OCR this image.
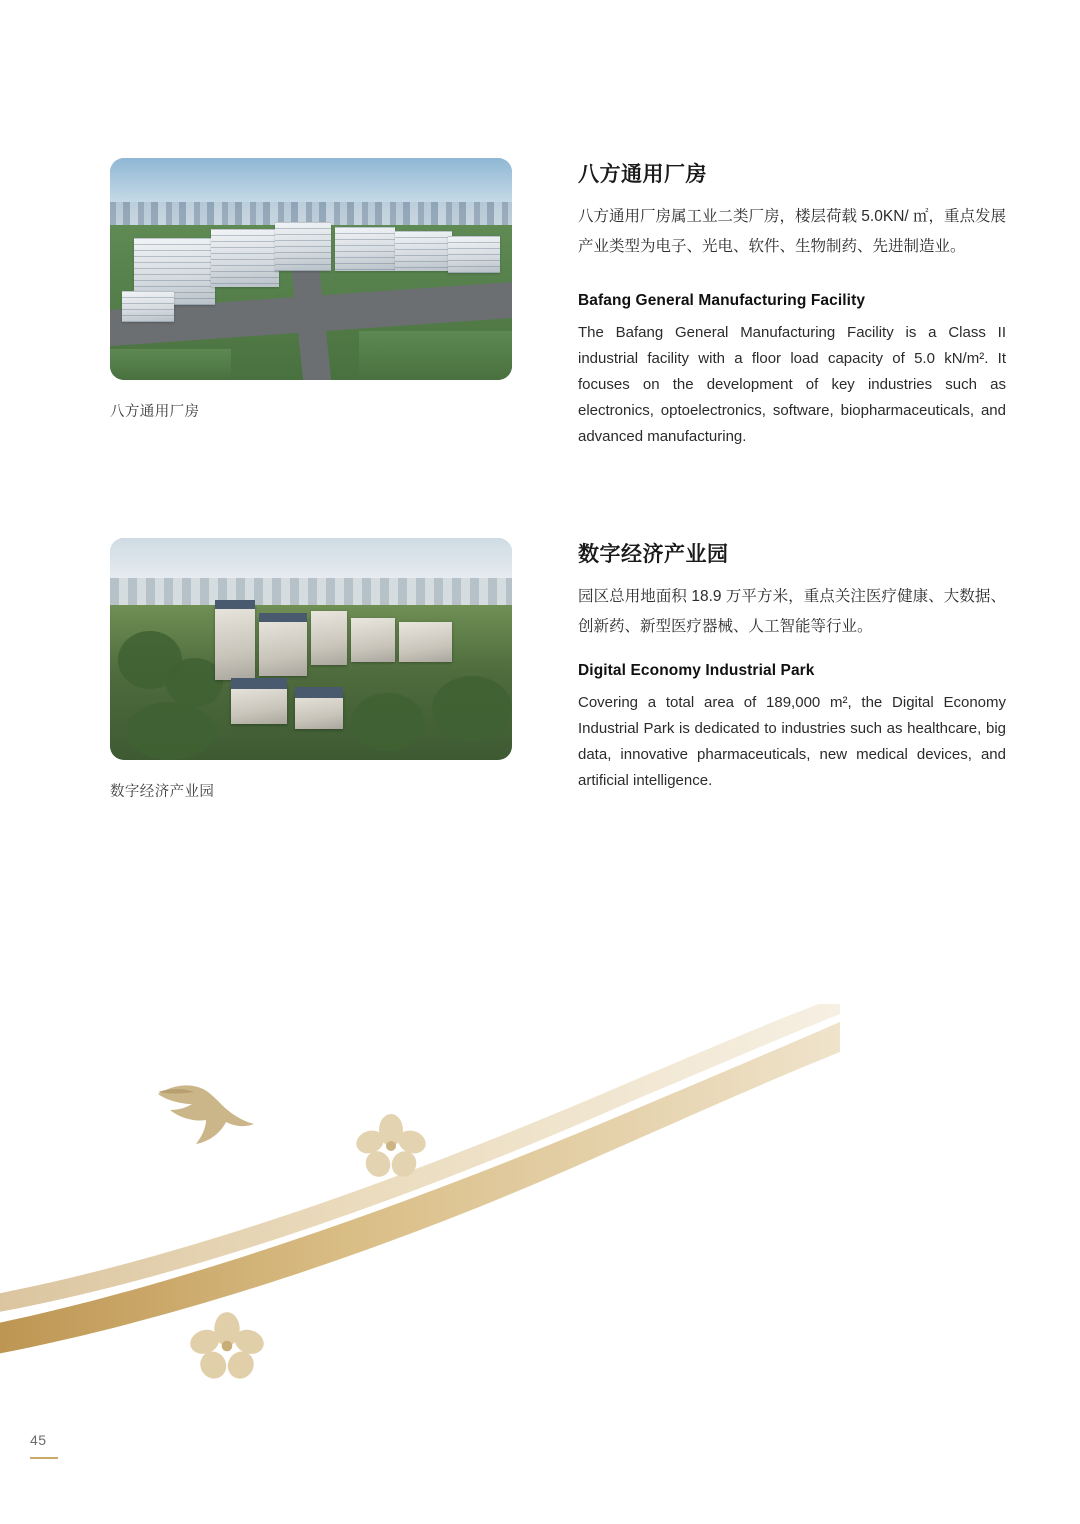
八方通用厂房
八方通用厂房

八方通用厂房属工业二类厂房，楼层荷载 5.0KN/ ㎡，重点发展产业类型为电子、光电、软件、生物制药、先进制造业。

Bafang General Manufacturing Facility

The Bafang General Manufacturing Facility is a Class II industrial facility with a floor load capacity of 5.0 kN/m². It focuses on the development of key industries such as electronics, optoelectronics, software, biopharmaceuticals, and advanced manufacturing.

数字经济产业园
数字经济产业园

园区总用地面积 18.9 万平方米，重点关注医疗健康、大数据、创新药、新型医疗器械、人工智能等行业。

Digital Economy Industrial Park

Covering a total area of 189,000 m², the Digital Economy Industrial Park is dedicated to industries such as healthcare, big data, innovative pharmaceuticals, new medical devices, and artificial intelligence.

45
